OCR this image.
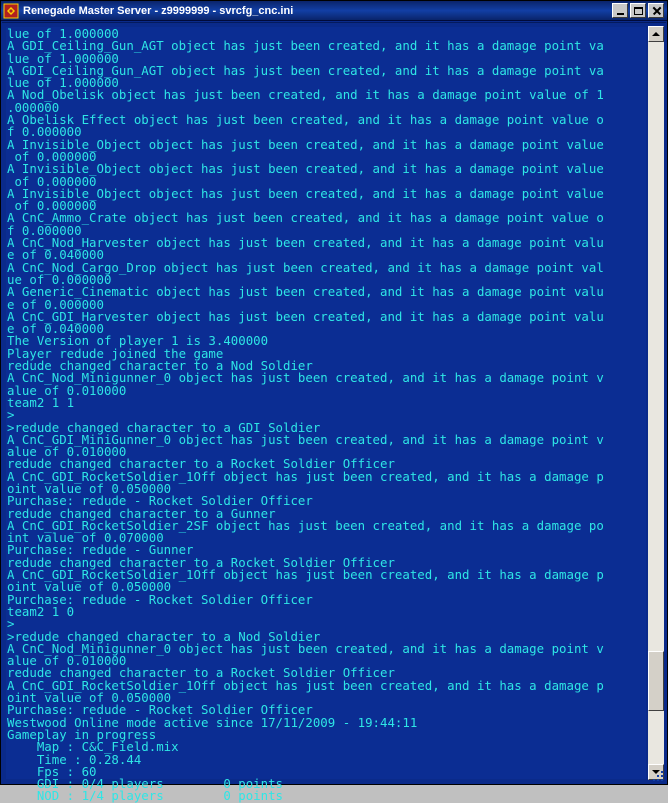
Renegade Master Server - z9999999 - svrcfg_cnc.ini
lue of 1.000000
A GDI_Ceiling_Gun_AGT object has just been created, and it has a damage point va
lue of 1.000000
A GDI_Ceiling_Gun_AGT object has just been created, and it has a damage point va
lue of 1.000000
A Nod_Obelisk object has just been created, and it has a damage point value of 1
.000000
A Obelisk Effect object has just been created, and it has a damage point value o
f 0.000000
A Invisible_Object object has just been created, and it has a damage point value
of 0.000000
A Invisible_Object object has just been created, and it has a damage point value
of 0.000000
A Invisible_Object object has just been created, and it has a damage point value
of 0.000000
A CnC_Ammo_Crate object has just been created, and it has a damage point value o
f 0.000000
A CnC_Nod_Harvester object has just been created, and it has a damage point valu
e of 0.040000
A CnC_Nod_Cargo_Drop object has just been created, and it has a damage point val
ue of 0.000000
A Generic_Cinematic object has just been created, and it has a damage point valu
e of 0.000000
A CnC_GDI_Harvester object has just been created, and it has a damage point valu
e of 0.040000
The Version of player 1 is 3.400000
Player redude joined the game
redude changed character to a Nod Soldier
A CnC_Nod_Minigunner_0 object has just been created, and it has a damage point v
alue of 0.010000
team2 1 1
>
>redude changed character to a GDI Soldier
A CnC_GDI_MiniGunner_0 object has just been created, and it has a damage point v
alue of 0.010000
redude changed character to a Rocket Soldier Officer
A CnC_GDI_RocketSoldier_1Off object has just been created, and it has a damage p
oint value of 0.050000
Purchase: redude - Rocket Soldier Officer
redude changed character to a Gunner
A CnC_GDI_RocketSoldier_2SF object has just been created, and it has a damage po
int value of 0.070000
Purchase: redude - Gunner
redude changed character to a Rocket Soldier Officer
A CnC_GDI_RocketSoldier_1Off object has just been created, and it has a damage p
oint value of 0.050000
Purchase: redude - Rocket Soldier Officer
team2 1 0
>
>redude changed character to a Nod Soldier
A CnC_Nod_Minigunner_0 object has just been created, and it has a damage point v
alue of 0.010000
redude changed character to a Rocket Soldier Officer
A CnC_GDI_RocketSoldier_1Off object has just been created, and it has a damage p
oint value of 0.050000
Purchase: redude - Rocket Soldier Officer
Westwood Online mode active since 17/11/2009 - 19:44:11
Gameplay in progress
Map : C&C_Field.mix
Time : 0.28.44
Fps : 60
GDI : 0/4 players        0 points
NOD : 1/4 players        0 points
